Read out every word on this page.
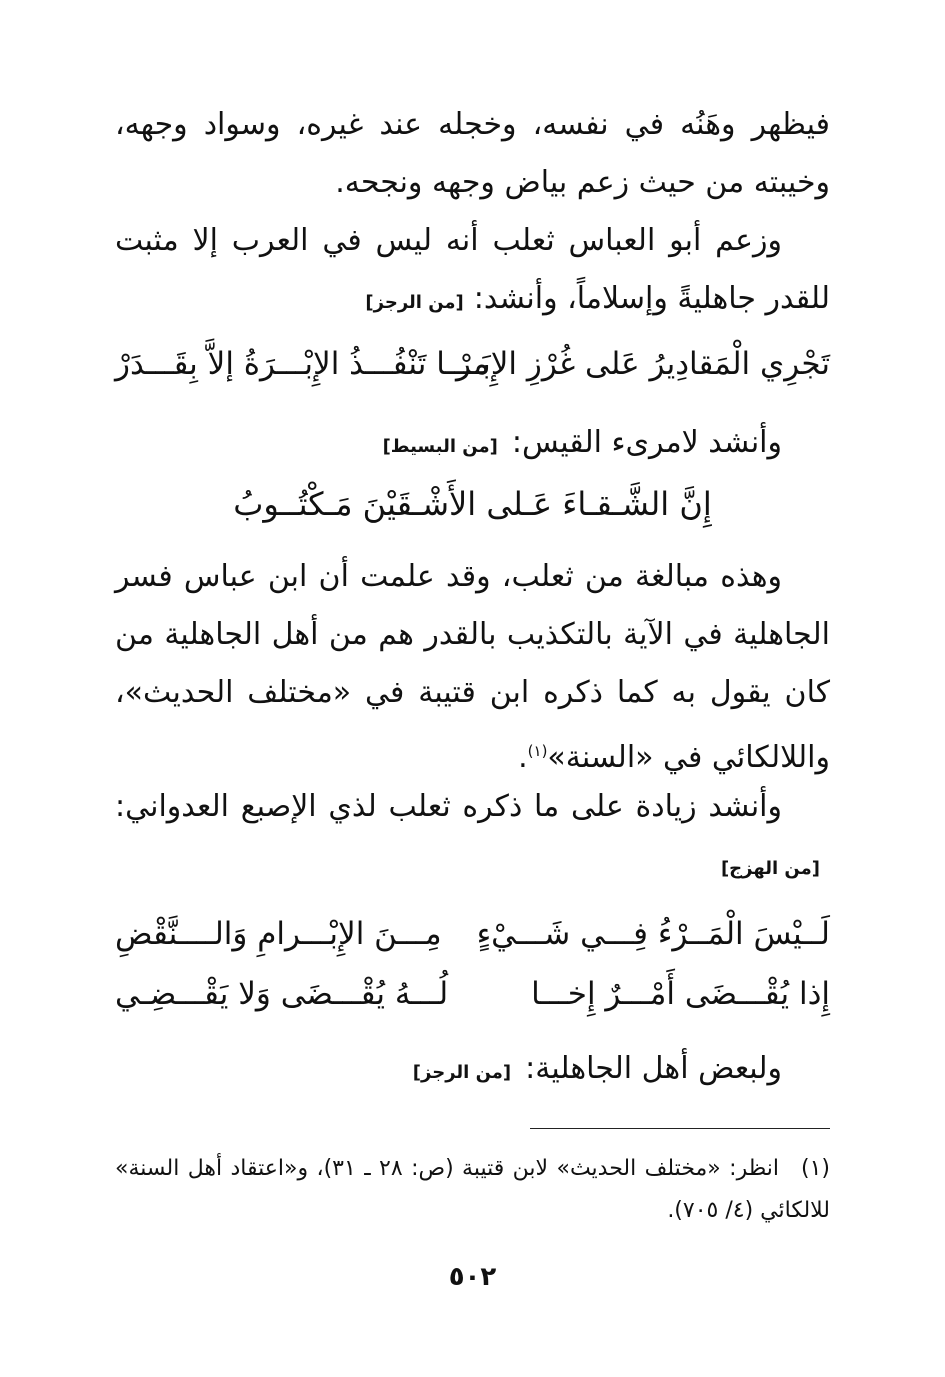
فيظهر وهَنُه في نفسه، وخجله عند غيره، وسواد وجهه، وخيبته من حيث زعم بياض وجهه ونجحه.
وزعم أبو العباس ثعلب أنه ليس في العرب إلا مثبت للقدر جاهليةً وإسلاماً، وأنشد:[من الرجز]
تَجْرِي الْمَقادِيرُ عَلى غُرْزِ الإِبَـرْ
مـــا تَنْفُـــذُ الإِبْـــرَةُ إلاَّ بِقَـــدَرْ
وأنشد لامرىء القيس:[من البسيط]
إِنَّ الشَّـقـاءَ عَـلى الأَشْـقَيْنَ مَـكْتُــوبُ
وهذه مبالغة من ثعلب، وقد علمت أن ابن عباس فسر الجاهلية في الآية بالتكذيب بالقدر هم من أهل الجاهلية من كان يقول به كما ذكره ابن قتيبة في «مختلف الحديث»، واللالكائي في «السنة»$^{(١)}$.
وأنشد زيادة على ما ذكره ثعلب لذي الإصبع العدواني: [من الهزج]
لَــيْسَ الْمَــرْءُ فِـــي شَـــيْءٍ
مِـــنَ الإِبْـــرامِ وَالــــنَّقْضِ
إِذا يُقْـــضَى أَمْـــرٌ إِخـــا
لُـــهُ يُقْـــضَى وَلا يَقْـــضِـي
ولبعض أهل الجاهلية:[من الرجز]
(١)انظر: «مختلف الحديث» لابن قتيبة (ص: ٢٨ ـ ٣١)، و«اعتقاد أهل السنة» للالكائي (٤/ ٧٠٥).
٥٠٢
